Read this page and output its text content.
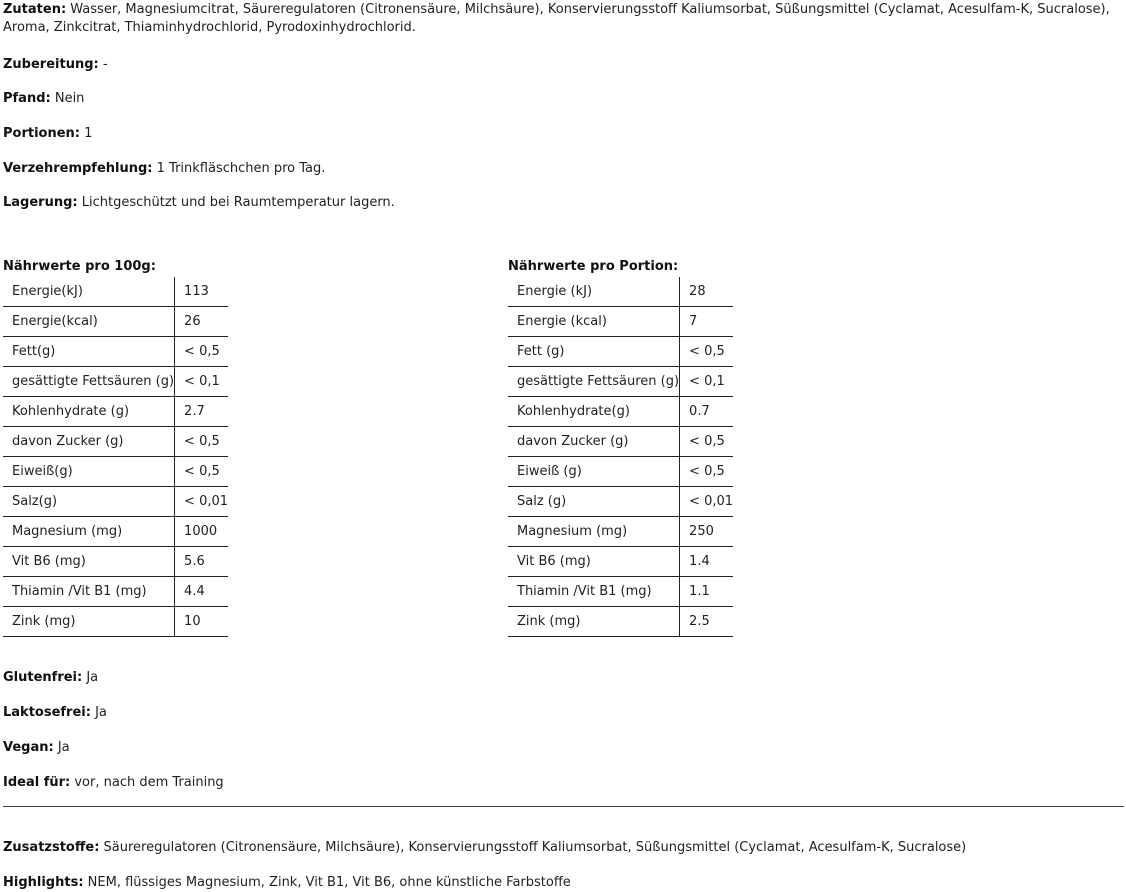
Zutaten: Wasser, Magnesiumcitrat, Säureregulatoren (Citronensäure, Milchsäure), Konservierungsstoff Kaliumsorbat, Süßungsmittel (Cyclamat, Acesulfam-K, Sucralose), Aroma, Zinkcitrat, Thiaminhydrochlorid, Pyrodoxinhydrochlorid.

Zubereitung: -

Pfand: Nein

Portionen: 1

Verzehrempfehlung: 1 Trinkfläschchen pro Tag.

Lagerung: Lichtgeschützt und bei Raumtemperatur lagern.

Nährwerte pro 100g:

Energie(kJ)	113
Energie(kcal)	26
Fett(g)	< 0,5
gesättigte Fettsäuren (g)	< 0,1
Kohlenhydrate (g)	2.7
davon Zucker (g)	< 0,5
Eiweiß(g)	< 0,5
Salz(g)	< 0,01
Magnesium (mg)	1000
Vit B6 (mg)	5.6
Thiamin /Vit B1 (mg)	4.4
Zink (mg)	10

Nährwerte pro Portion:

Energie (kJ)	28
Energie (kcal)	7
Fett (g)	< 0,5
gesättigte Fettsäuren (g)	< 0,1
Kohlenhydrate(g)	0.7
davon Zucker (g)	< 0,5
Eiweiß (g)	< 0,5
Salz (g)	< 0,01
Magnesium (mg)	250
Vit B6 (mg)	1.4
Thiamin /Vit B1 (mg)	1.1
Zink (mg)	2.5

Glutenfrei: Ja

Laktosefrei: Ja

Vegan: Ja

Ideal für: vor, nach dem Training

Zusatzstoffe: Säureregulatoren (Citronensäure, Milchsäure), Konservierungsstoff Kaliumsorbat, Süßungsmittel (Cyclamat, Acesulfam-K, Sucralose)

Highlights: NEM, flüssiges Magnesium, Zink, Vit B1, Vit B6, ohne künstliche Farbstoffe
